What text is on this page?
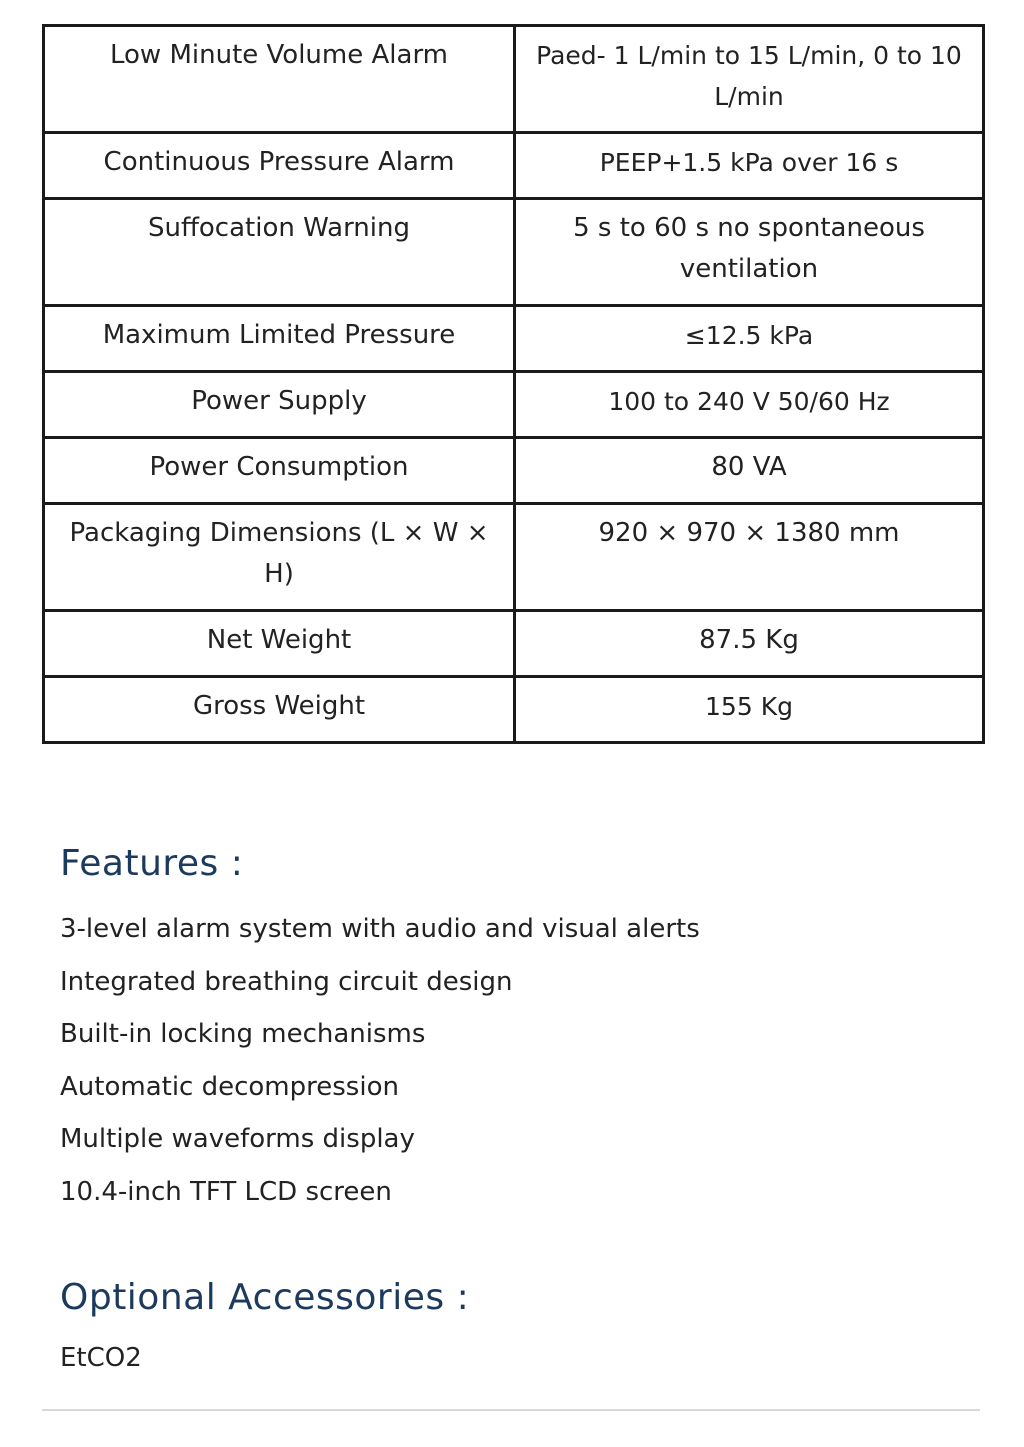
Low Minute Volume Alarm	Paed- 1 L/min to 15 L/min, 0 to 10 L/min
Continuous Pressure Alarm	PEEP+1.5 kPa over 16 s
Suffocation Warning	5 s to 60 s no spontaneous ventilation
Maximum Limited Pressure	≤12.5 kPa
Power Supply	100 to 240 V 50/60 Hz
Power Consumption	80 VA
Packaging Dimensions (L × W × H)	920 × 970 × 1380 mm
Net Weight	87.5 Kg
Gross Weight	155 Kg
Features :
3-level alarm system with audio and visual alerts
Integrated breathing circuit design
Built-in locking mechanisms
Automatic decompression
Multiple waveforms display
10.4-inch TFT LCD screen
Optional Accessories :
EtCO2
